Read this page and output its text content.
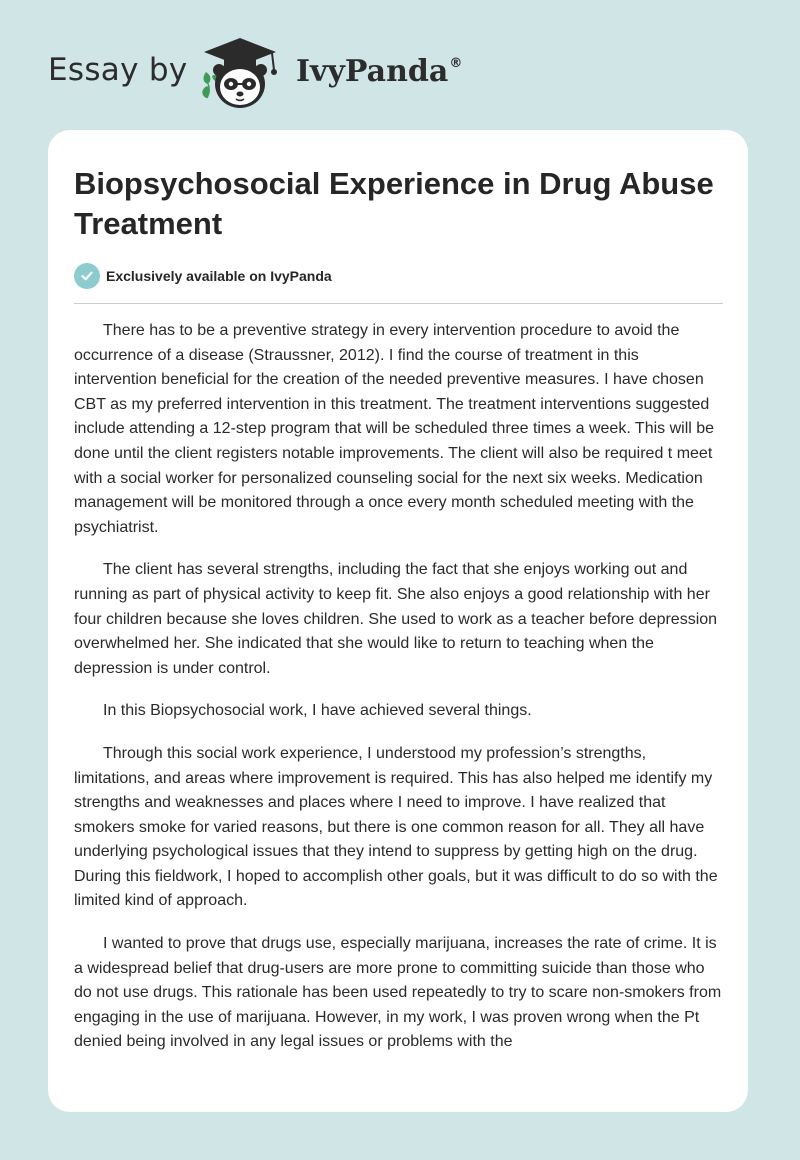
Essay by	IvyPanda®
Biopsychosocial Experience in Drug Abuse Treatment
Exclusively available on IvyPanda

There has to be a preventive strategy in every intervention procedure to avoid the occurrence of a disease (Straussner, 2012). I find the course of treatment in this intervention beneficial for the creation of the needed preventive measures. I have chosen CBT as my preferred intervention in this treatment. The treatment interventions suggested include attending a 12-step program that will be scheduled three times a week. This will be done until the client registers notable improvements. The client will also be required t meet with a social worker for personalized counseling social for the next six weeks. Medication management will be monitored through a once every month scheduled meeting with the psychiatrist.

The client has several strengths, including the fact that she enjoys working out and running as part of physical activity to keep fit. She also enjoys a good relationship with her four children because she loves children. She used to work as a teacher before depression overwhelmed her. She indicated that she would like to return to teaching when the depression is under control.

In this Biopsychosocial work, I have achieved several things.

Through this social work experience, I understood my profession’s strengths, limitations, and areas where improvement is required. This has also helped me identify my strengths and weaknesses and places where I need to improve. I have realized that smokers smoke for varied reasons, but there is one common reason for all. They all have underlying psychological issues that they intend to suppress by getting high on the drug. During this fieldwork, I hoped to accomplish other goals, but it was difficult to do so with the limited kind of approach.

I wanted to prove that drugs use, especially marijuana, increases the rate of crime. It is a widespread belief that drug-users are more prone to committing suicide than those who do not use drugs. This rationale has been used repeatedly to try to scare non-smokers from engaging in the use of marijuana. However, in my work, I was proven wrong when the Pt denied being involved in any legal issues or problems with the
